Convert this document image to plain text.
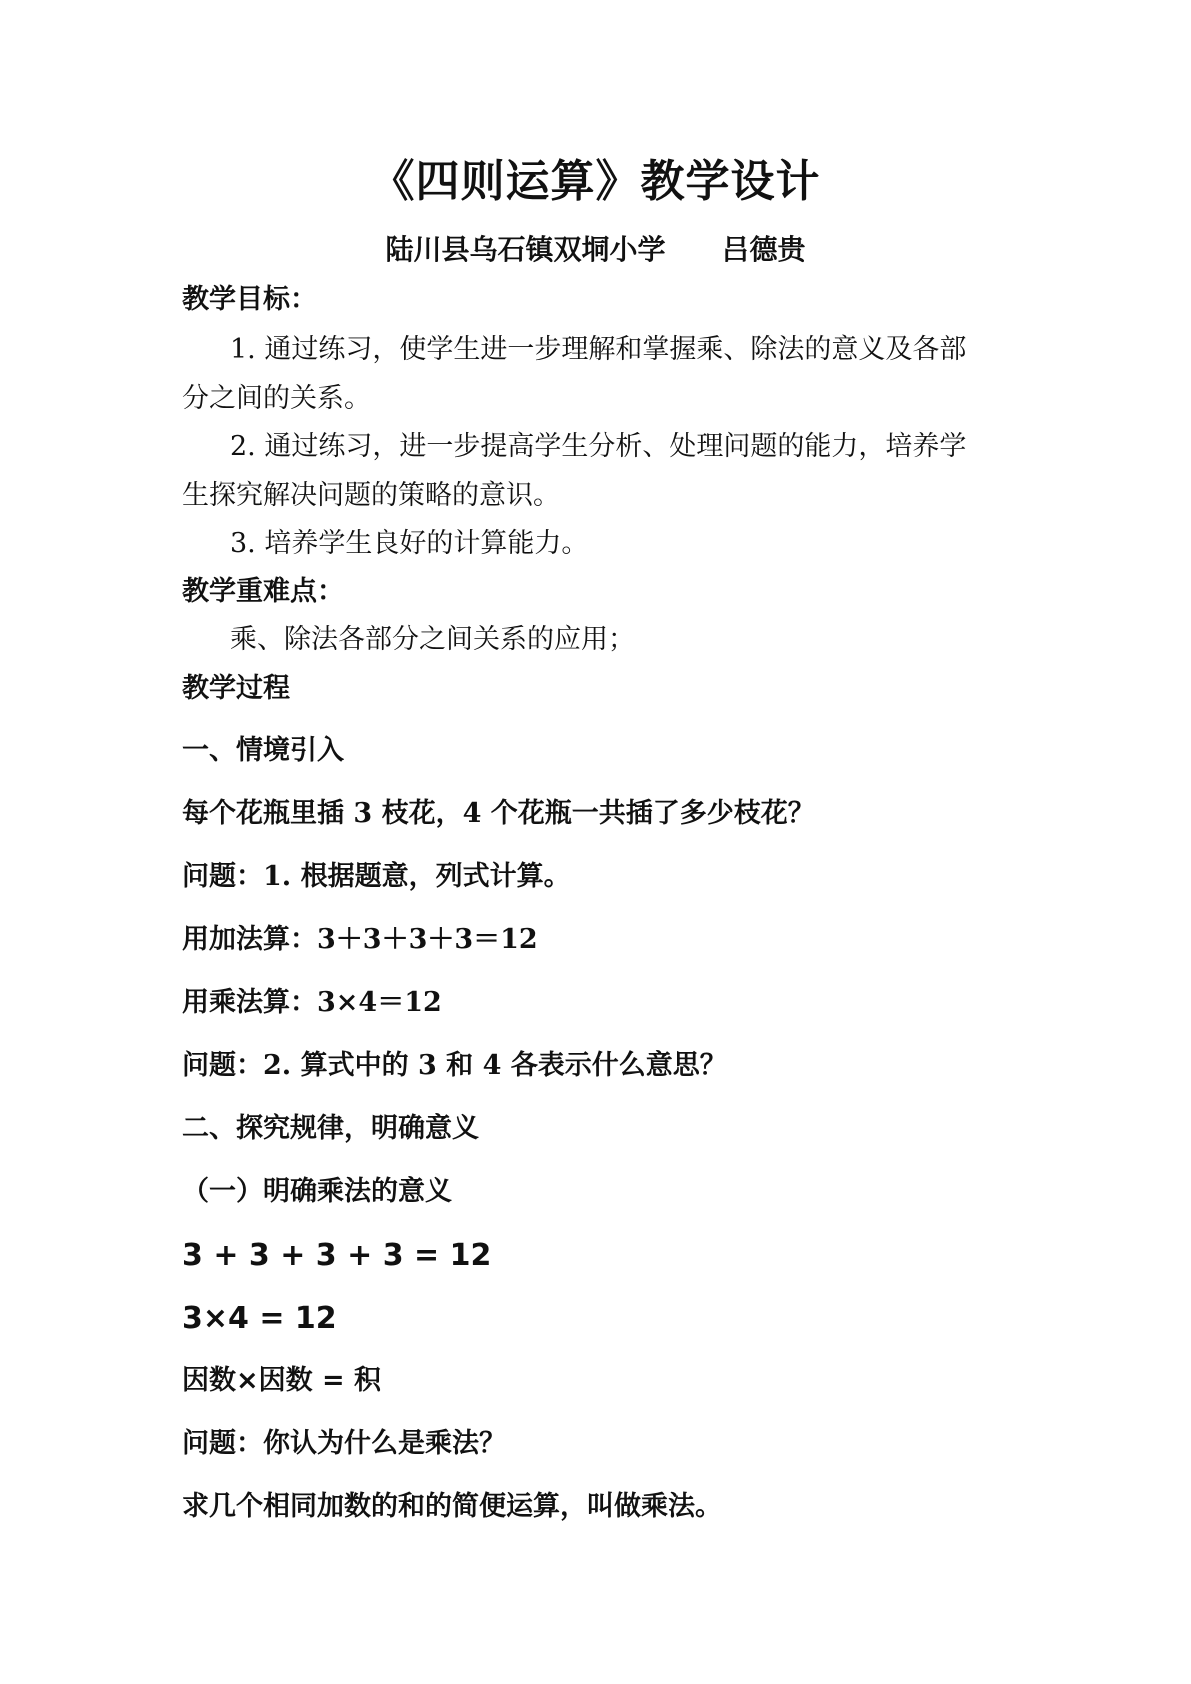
《四则运算》教学设计
陆川县乌石镇双垌小学 吕德贵
教学目标：
1. 通过练习，使学生进一步理解和掌握乘、除法的意义及各部
分之间的关系。
2. 通过练习，进一步提高学生分析、处理问题的能力，培养学
生探究解决问题的策略的意识。
3. 培养学生良好的计算能力。
教学重难点：
乘、除法各部分之间关系的应用；
教学过程
一、情境引入
每个花瓶里插 3 枝花，4 个花瓶一共插了多少枝花？
问题：1. 根据题意，列式计算。
用加法算：3＋3＋3＋3＝12
用乘法算：3×4＝12
问题：2. 算式中的 3 和 4 各表示什么意思？
二、探究规律，明确意义
（一）明确乘法的意义
3 + 3 + 3 + 3 = 12
3×4 = 12
因数×因数 = 积
问题：你认为什么是乘法？
求几个相同加数的和的简便运算，叫做乘法。
